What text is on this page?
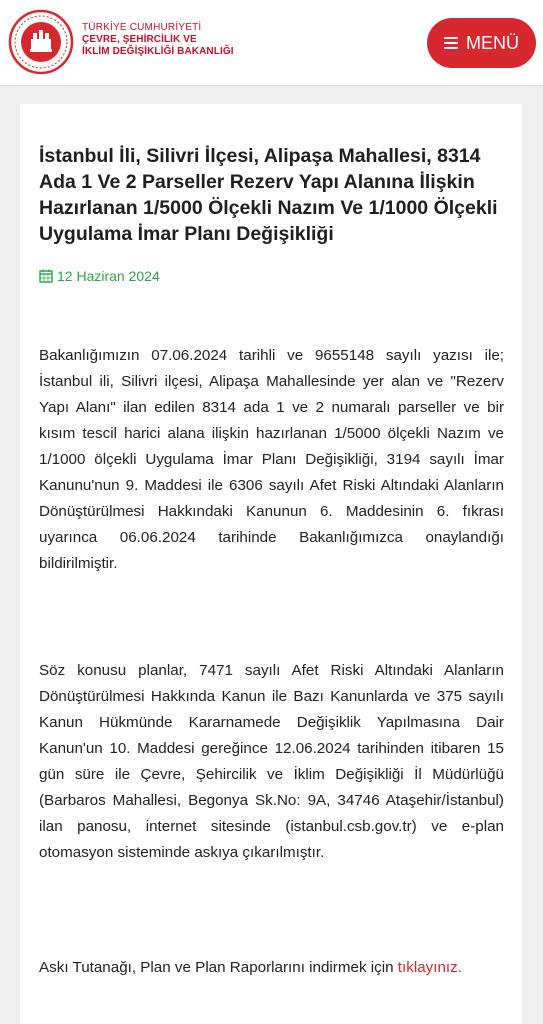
TÜRKİYE CUMHURİYETİ
ÇEVRE, ŞEHİRCİLİK VE
İKLİM DEĞİŞİKLİĞİ BAKANLIĞI	MENÜ
İstanbul İli, Silivri İlçesi, Alipaşa Mahallesi, 8314 Ada 1 Ve 2 Parseller Rezerv Yapı Alanına İlişkin Hazırlanan 1/5000 Ölçekli Nazım Ve 1/1000 Ölçekli Uygulama İmar Planı Değişikliği
12 Haziran 2024

Bakanlığımızın 07.06.2024 tarihli ve 9655148 sayılı yazısı ile; İstanbul ili, Silivri ilçesi, Alipaşa Mahallesinde yer alan ve "Rezerv Yapı Alanı" ilan edilen 8314 ada 1 ve 2 numaralı parseller ve bir kısım tescil harici alana ilişkin hazırlanan 1/5000 ölçekli Nazım ve 1/1000 ölçekli Uygulama İmar Planı Değişikliği, 3194 sayılı İmar Kanunu'nun 9. Maddesi ile 6306 sayılı Afet Riski Altındaki Alanların Dönüştürülmesi Hakkındaki Kanunun 6. Maddesinin 6. fıkrası uyarınca 06.06.2024 tarihinde Bakanlığımızca onaylandığı bildirilmiştir.

Söz konusu planlar, 7471 sayılı Afet Riski Altındaki Alanların Dönüştürülmesi Hakkında Kanun ile Bazı Kanunlarda ve 375 sayılı Kanun Hükmünde Kararnamede Değişiklik Yapılmasına Dair Kanun'un 10. Maddesi gereğince 12.06.2024 tarihinden itibaren 15 gün süre ile Çevre, Şehircilik ve İklim Değişikliği İl Müdürlüğü (Barbaros Mahallesi, Begonya Sk.No: 9A, 34746 Ataşehir/İstanbul) ilan panosu, internet sitesinde (istanbul.csb.gov.tr) ve e-plan otomasyon sisteminde askıya çıkarılmıştır.

Askı Tutanağı, Plan ve Plan Raporlarını indirmek için tıklayınız.
